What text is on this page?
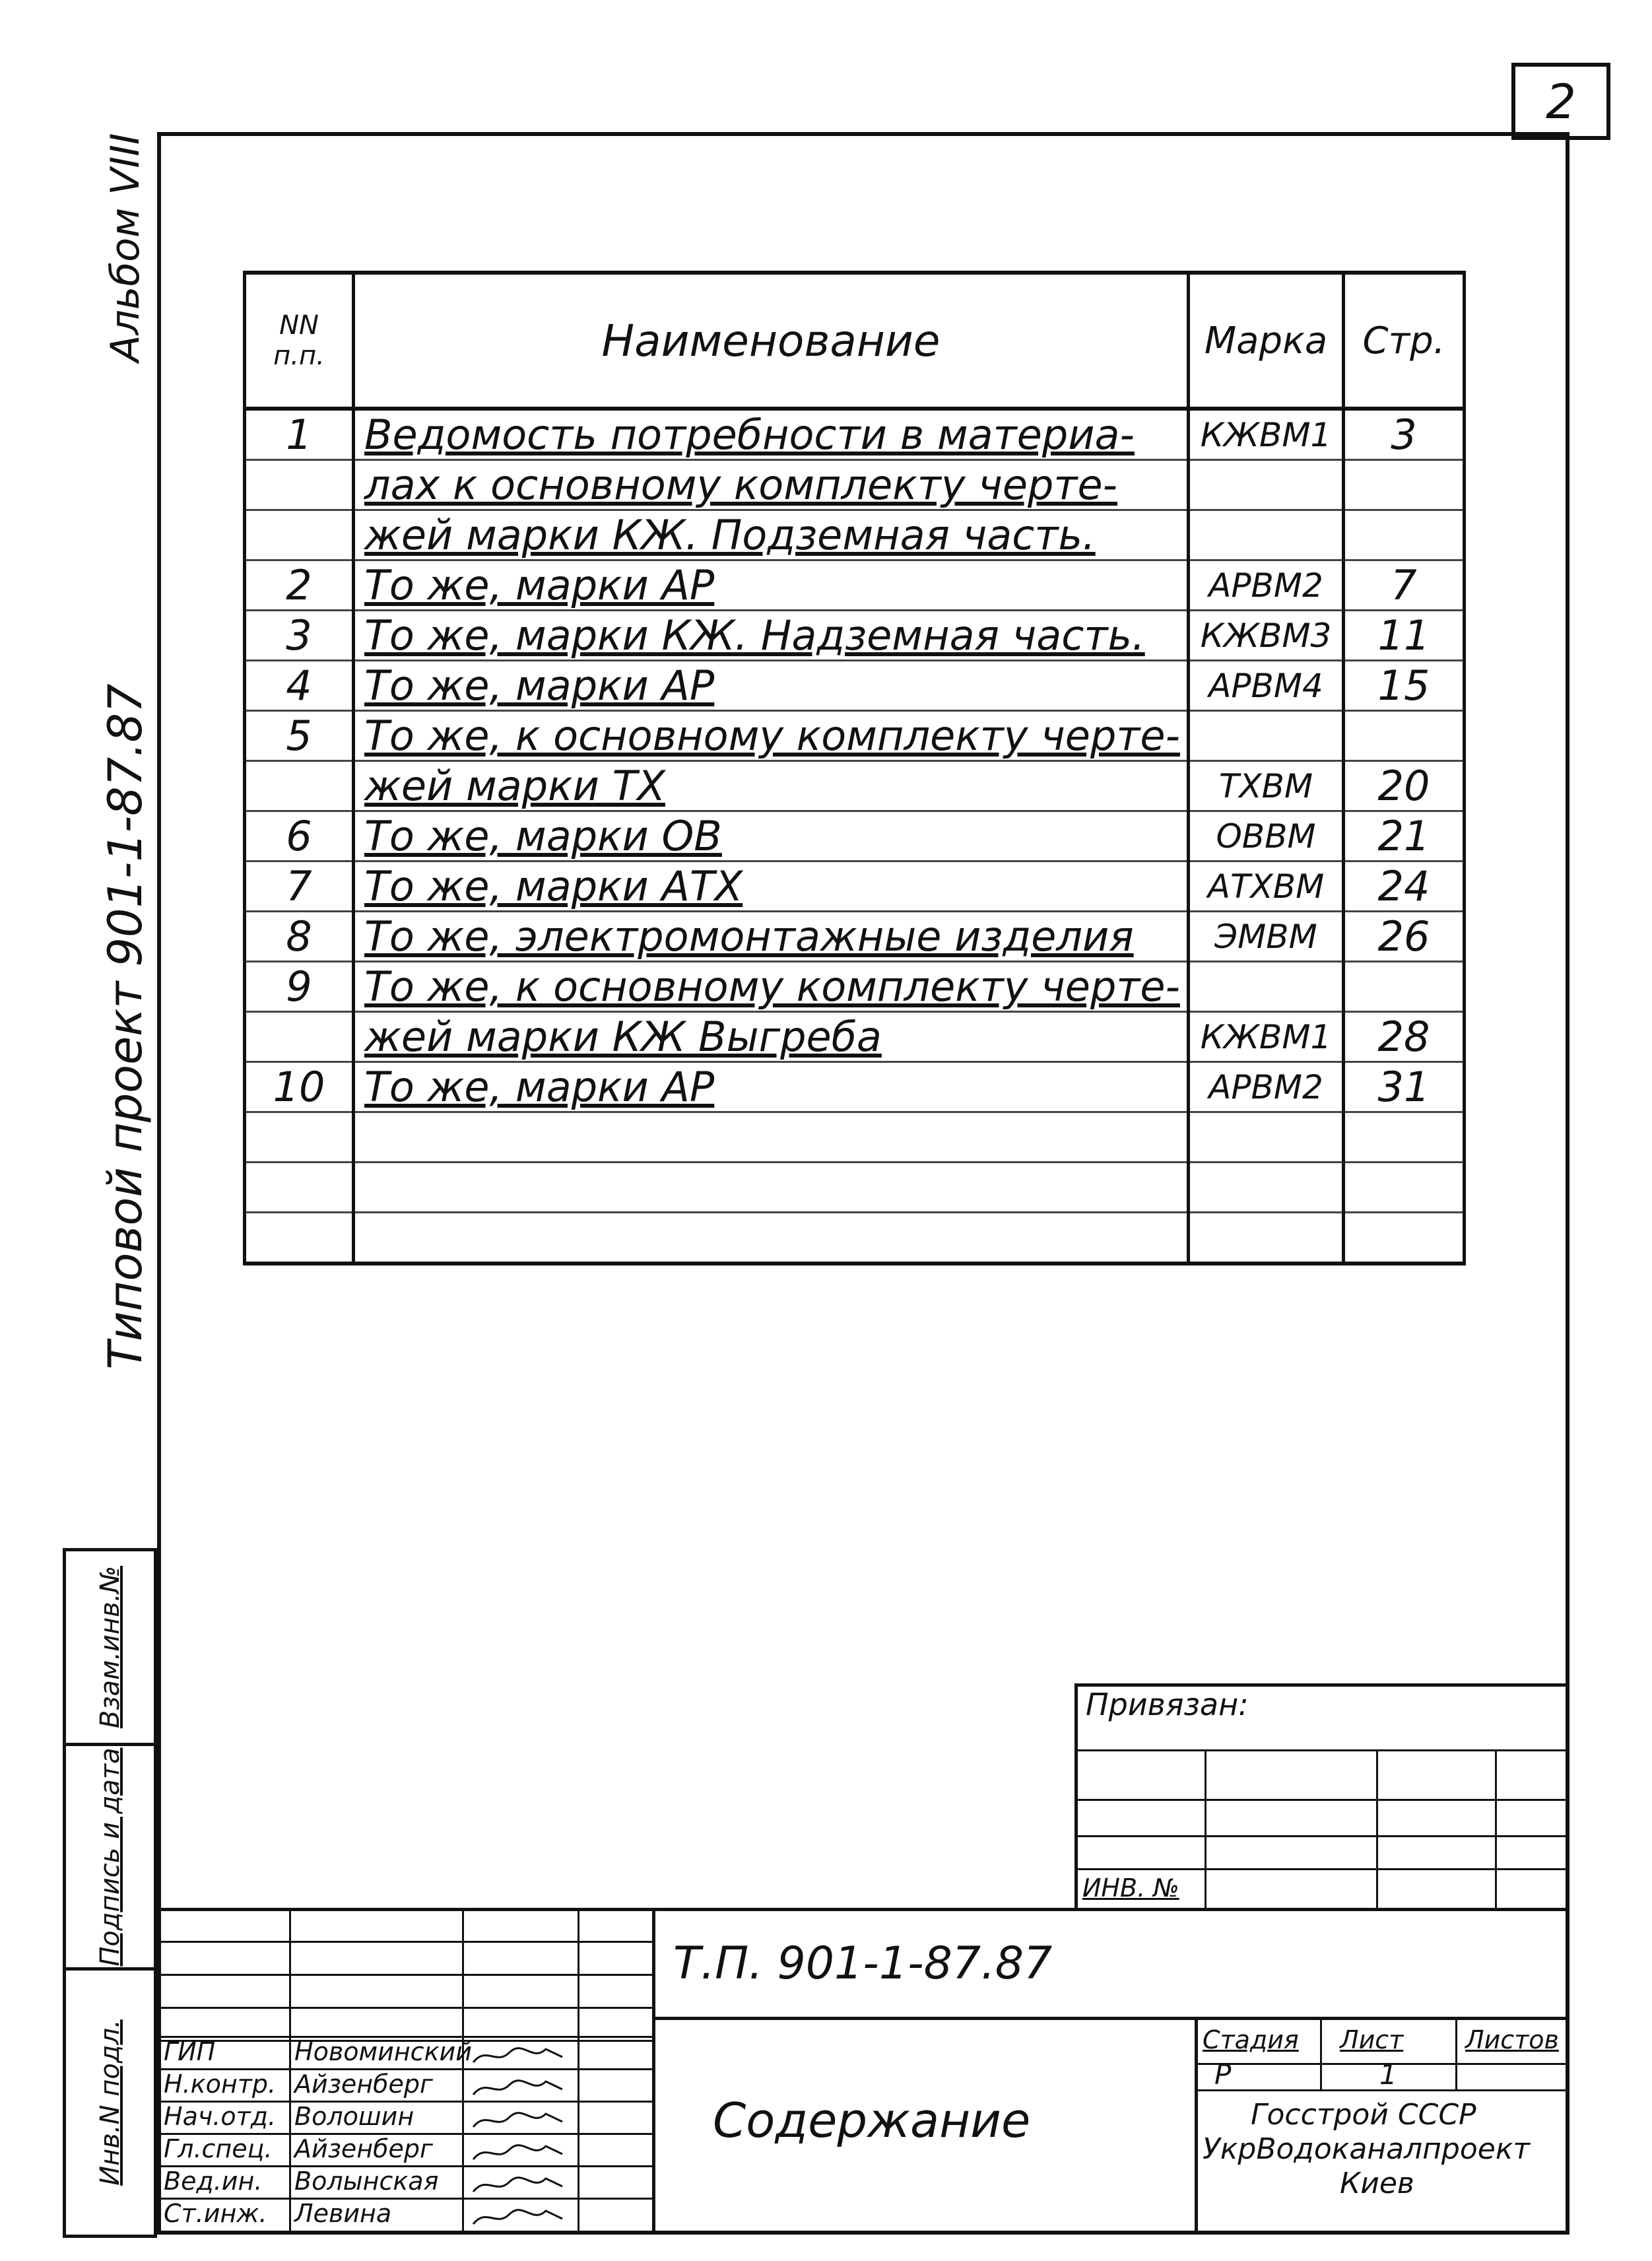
2
Альбом VIII
Типовой проект 901-1-87.87
Взам.инв.№
Подпись и дата
Инв.N подл.
NN п.п.	Наименование	Марка	Стр.
1	Ведомость потребности в материа-	КЖВМ1	3
	лах к основному комплекту черте-		
	жей марки КЖ. Подземная часть.		
2	То же, марки АР	АРВМ2	7
3	То же, марки КЖ. Надземная часть.	КЖВМ3	11
4	То же, марки АР	АРВМ4	15
5	То же, к основному комплекту черте-		
	жей марки ТХ	ТХВМ	20
6	То же, марки ОВ	ОВВМ	21
7	То же, марки АТХ	АТХВМ	24
8	То же, электромонтажные изделия	ЭМВМ	26
9	То же, к основному комплекту черте-		
	жей марки КЖ Выгреба	КЖВМ1	28
10	То же, марки АР	АРВМ2	31

Привязан:
ИНВ. №
ГИП	Новоминский
Н.контр. Айзенберг
Нач.отд. Волошин
Гл.спец. Айзенберг
Вед.ин. Волынская
Ст.инж. Левина
Т.П. 901-1-87.87
Содержание
Стадия Лист Листов
Р	1
Госстрой СССР
УкрВодоканалпроект
Киев
